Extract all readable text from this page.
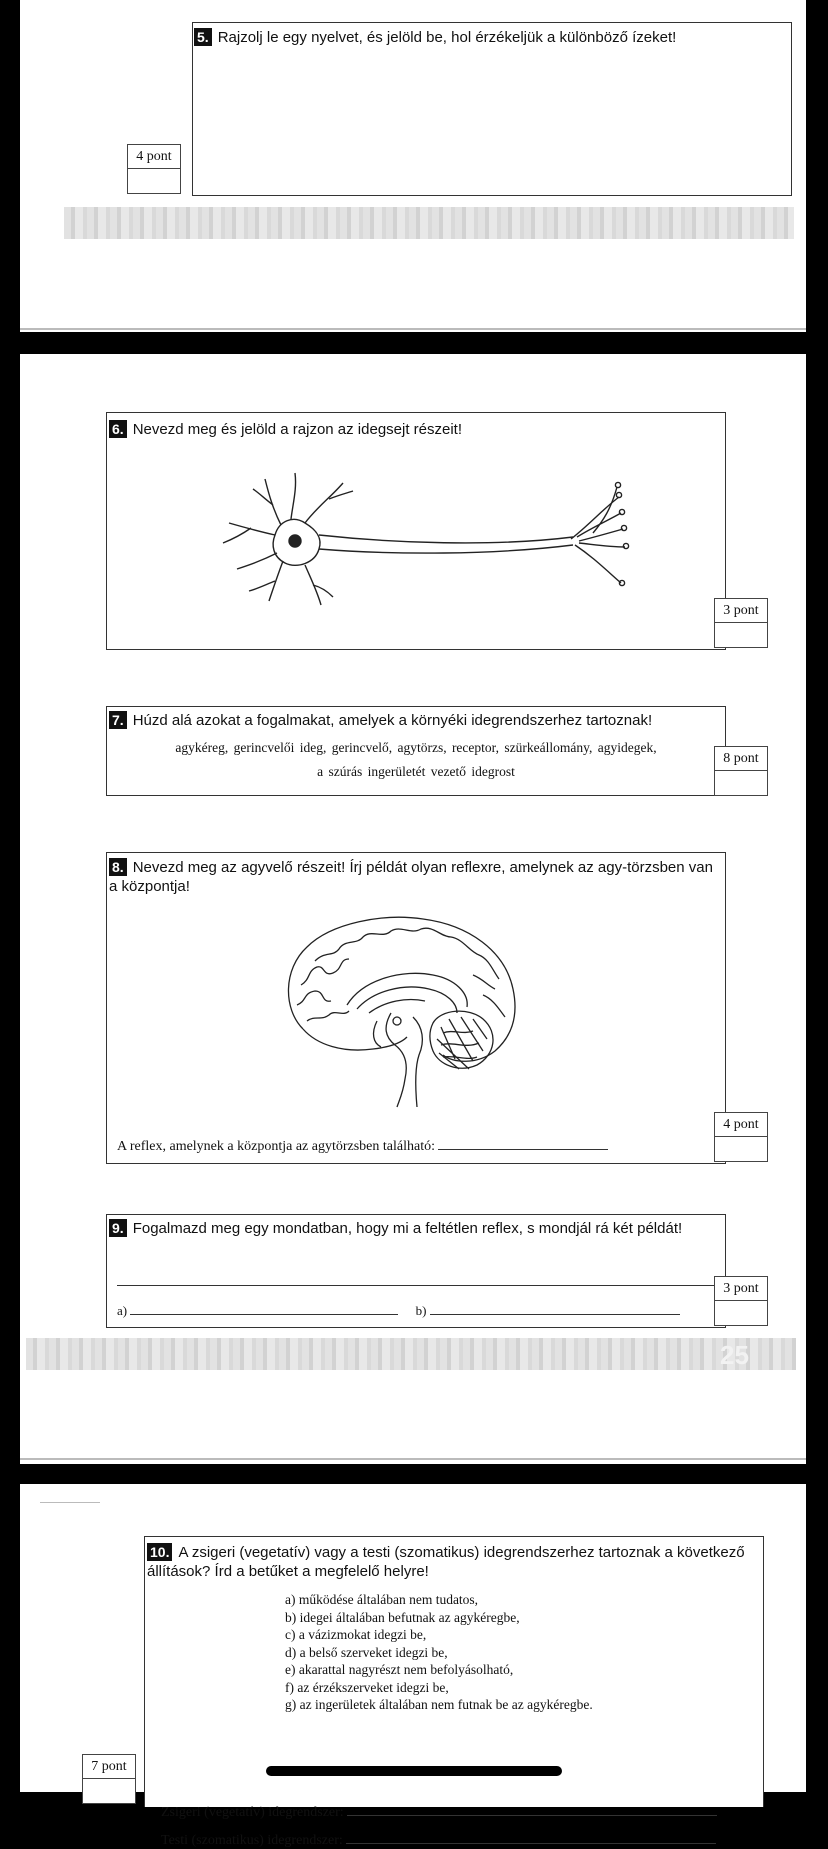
5. Rajzolj le egy nyelvet, és jelöld be, hol érzékeljük a különböző ízeket!
4 pont
6. Nevezd meg és jelöld a rajzon az idegsejt részeit!
3 pont
7. Húzd alá azokat a fogalmakat, amelyek a környéki idegrendszerhez tartoznak!
agykéreg, gerincvelői ideg, gerincvelő, agytörzs, receptor, szürkeállomány, agyidegek,
a szúrás ingerületét vezető idegrost
8 pont
8. Nevezd meg az agyvelő részeit! Írj példát olyan reflexre, amelynek az agy-törzsben van a központja!
A reflex, amelynek a központja az agytörzsben található:
4 pont
9. Fogalmazd meg egy mondatban, hogy mi a feltétlen reflex, s mondjál rá két példát!
a)	b)
3 pont
25
10. A zsigeri (vegetatív) vagy a testi (szomatikus) idegrendszerhez tartoznak a következő állítások? Írd a betűket a megfelelő helyre!
a) működése általában nem tudatos,
b) idegei általában befutnak az agykéregbe,
c) a vázizmokat idegzi be,
d) a belső szerveket idegzi be,
e) akarattal nagyrészt nem befolyásolható,
f) az érzékszerveket idegzi be,
g) az ingerületek általában nem futnak be az agykéregbe.
Zsigeri (vegetatív) idegrendszer:
Testi (szomatikus) idegrendszer:
7 pont
